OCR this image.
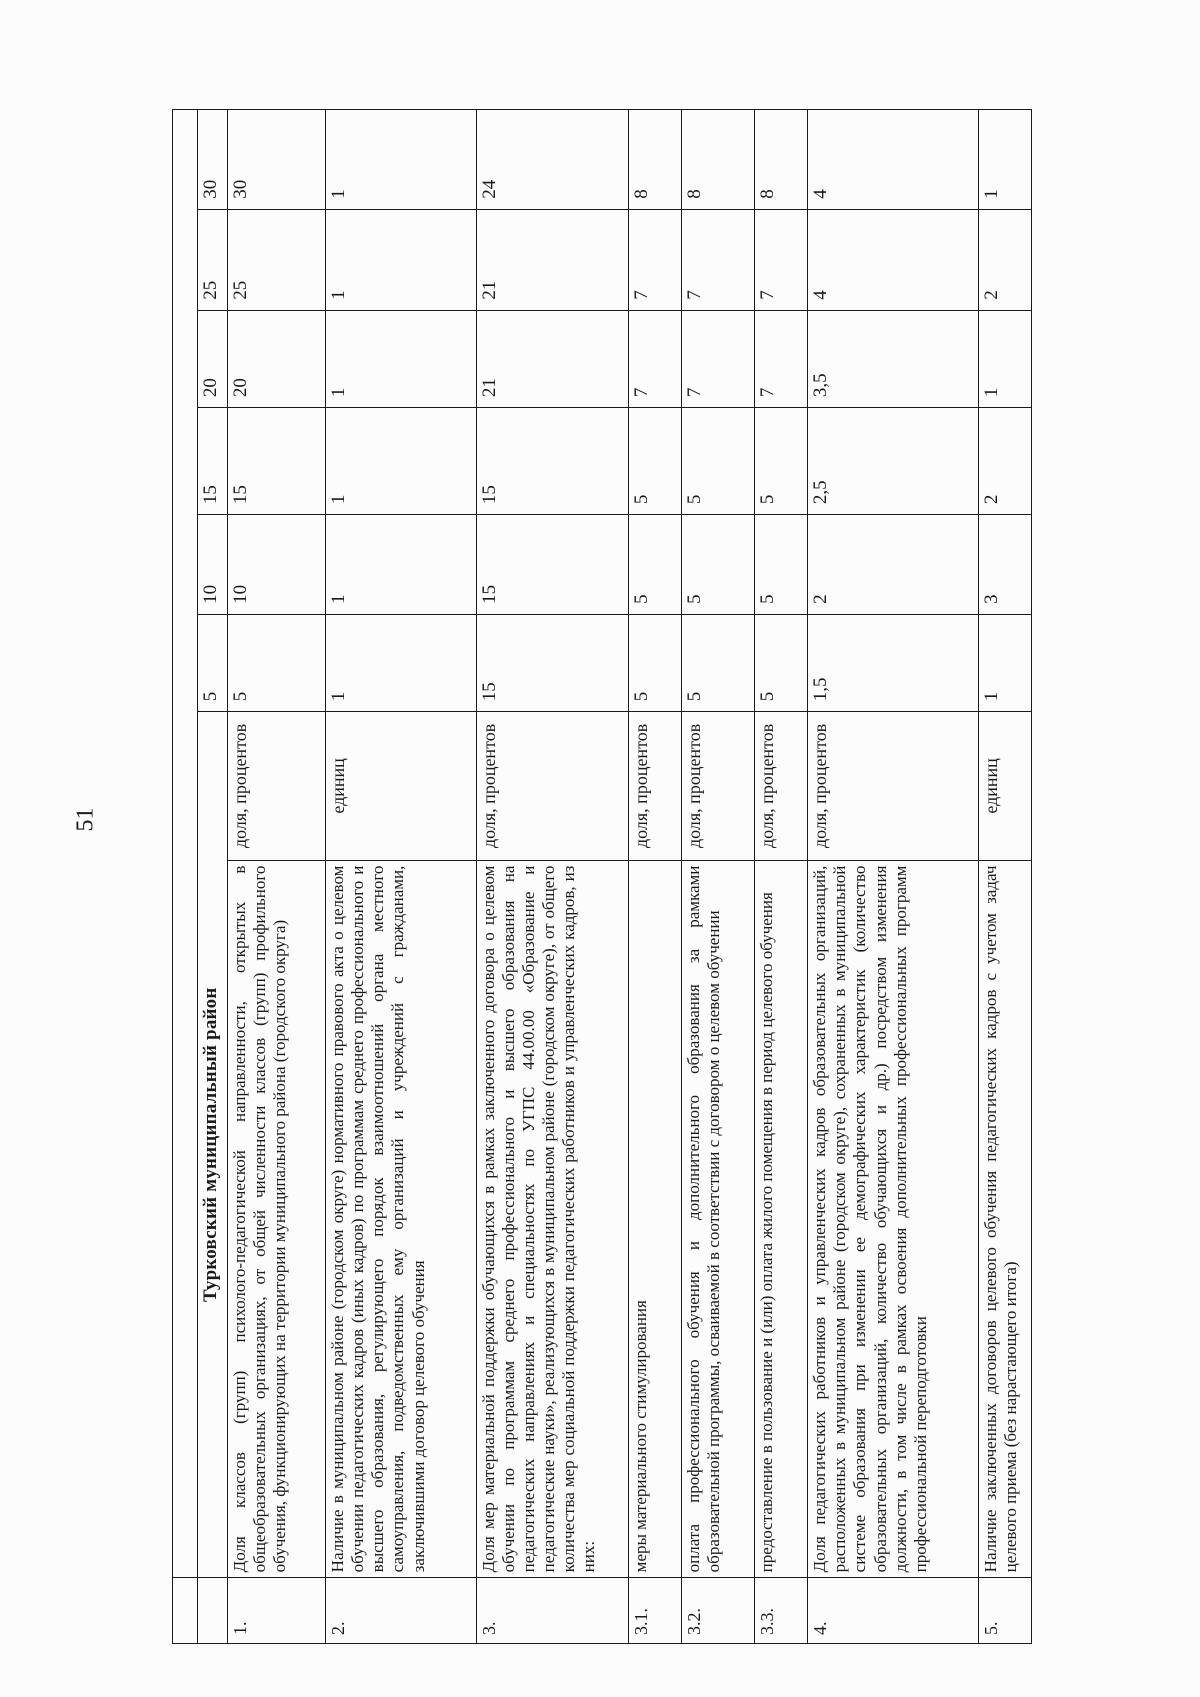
51

	Турковский муниципальный район		5	10	15	20	25	30
1.	Доля классов (групп) психолого-педагогической направленности, открытых в общеобразовательных организациях, от общей численности классов (групп) профильного обучения, функционирующих на территории муниципального района (городского округа)	доля, процентов	5	10	15	20	25	30
2.	Наличие в муниципальном районе (городском округе) нормативного правового акта о целевом обучении педагогических кадров (иных кадров) по программам среднего профессионального и высшего образования, регулирующего порядок взаимоотношений органа местного самоуправления, подведомственных ему организаций и учреждений с гражданами, заключившими договор целевого обучения	единиц	1	1	1	1	1	1
3.	Доля мер материальной поддержки обучающихся в рамках заключенного договора о целевом обучении по программам среднего профессионального и высшего образования на педагогических направлениях и специальностях по УГПС 44.00.00 «Образование и педагогические науки», реализующихся в муниципальном районе (городском округе), от общего количества мер социальной поддержки педагогических работников и управленческих кадров, из них:	доля, процентов	15	15	15	21	21	24
3.1.	меры материального стимулирования	доля, процентов	5	5	5	7	7	8
3.2.	оплата профессионального обучения и дополнительного образования за рамками образовательной программы, осваиваемой в соответствии с договором о целевом обучении	доля, процентов	5	5	5	7	7	8
3.3.	предоставление в пользование и (или) оплата жилого помещения в период целевого обучения	доля, процентов	5	5	5	7	7	8
4.	Доля педагогических работников и управленческих кадров образовательных организаций, расположенных в муниципальном районе (городском округе), сохраненных в муниципальной системе образования при изменении ее демографических характеристик (количество образовательных организаций, количество обучающихся и др.) посредством изменения должности, в том числе в рамках освоения дополнительных профессиональных программ профессиональной переподготовки	доля, процентов	1,5	2	2,5	3,5	4	4
5.	Наличие заключенных договоров целевого обучения педагогических кадров с учетом задач целевого приема (без нарастающего итога)	единиц	1	3	2	1	2	1
